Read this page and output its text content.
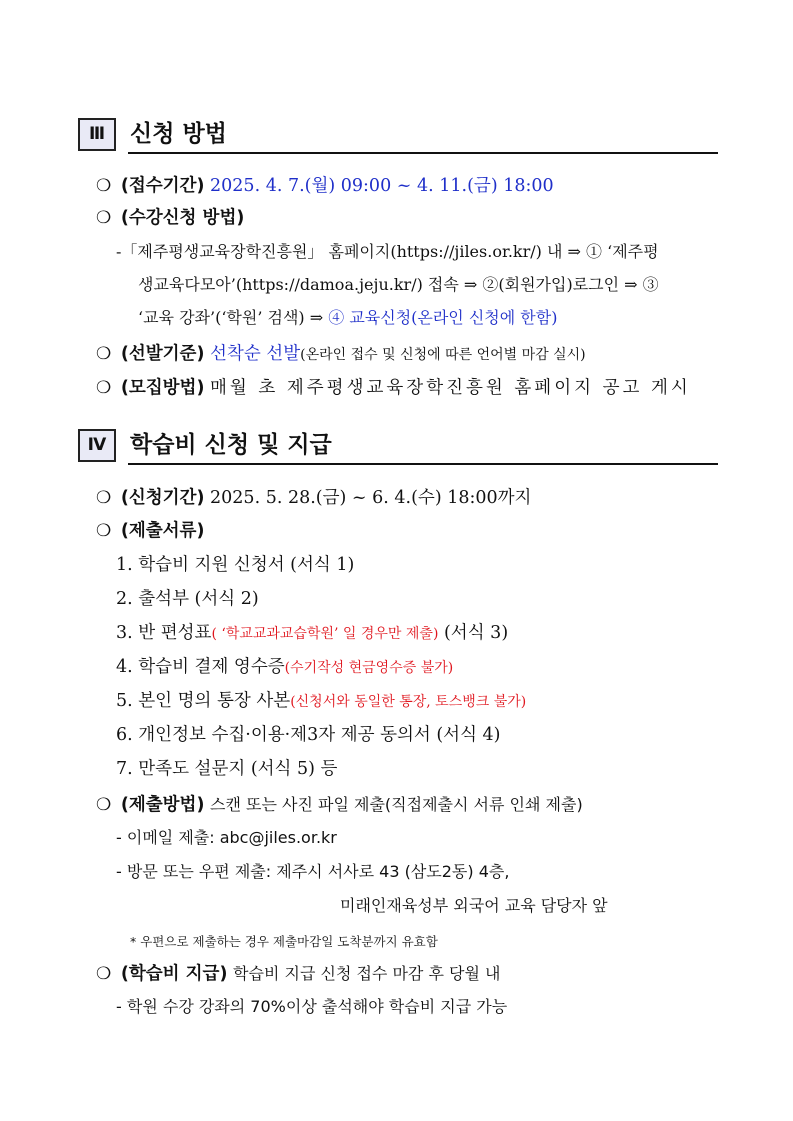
Ⅲ	신청 방법
❍ (접수기간) 2025. 4. 7.(월) 09:00 ~ 4. 11.(금) 18:00
❍ (수강신청 방법)
-「제주평생교육장학진흥원」 홈페이지(https://jiles.or.kr/) 내 ⇒ ① ‘제주평
생교육다모아’(https://damoa.jeju.kr/) 접속 ⇒ ②(회원가입)로그인 ⇒ ③
‘교육 강좌’(‘학원’ 검색) ⇒ ④ 교육신청(온라인 신청에 한함)
❍ (선발기준) 선착순 선발(온라인 접수 및 신청에 따른 언어별 마감 실시)
❍ (모집방법) 매월 초 제주평생교육장학진흥원 홈페이지 공고 게시
Ⅳ	학습비 신청 및 지급
❍ (신청기간) 2025. 5. 28.(금) ~ 6. 4.(수) 18:00까지
❍ (제출서류)
1. 학습비 지원 신청서 (서식 1)
2. 출석부 (서식 2)
3. 반 편성표( ‘학교교과교습학원’ 일 경우만 제출) (서식 3)
4. 학습비 결제 영수증(수기작성 현금영수증 불가)
5. 본인 명의 통장 사본(신청서와 동일한 통장, 토스뱅크 불가)
6. 개인정보 수집·이용·제3자 제공 동의서 (서식 4)
7. 만족도 설문지 (서식 5) 등
❍ (제출방법) 스캔 또는 사진 파일 제출(직접제출시 서류 인쇄 제출)
- 이메일 제출: abc@jiles.or.kr
- 방문 또는 우편 제출: 제주시 서사로 43 (삼도2동) 4층,
미래인재육성부 외국어 교육 담당자 앞
* 우편으로 제출하는 경우 제출마감일 도착분까지 유효함
❍ (학습비 지급) 학습비 지급 신청 접수 마감 후 당월 내
- 학원 수강 강좌의 70%이상 출석해야 학습비 지급 가능
